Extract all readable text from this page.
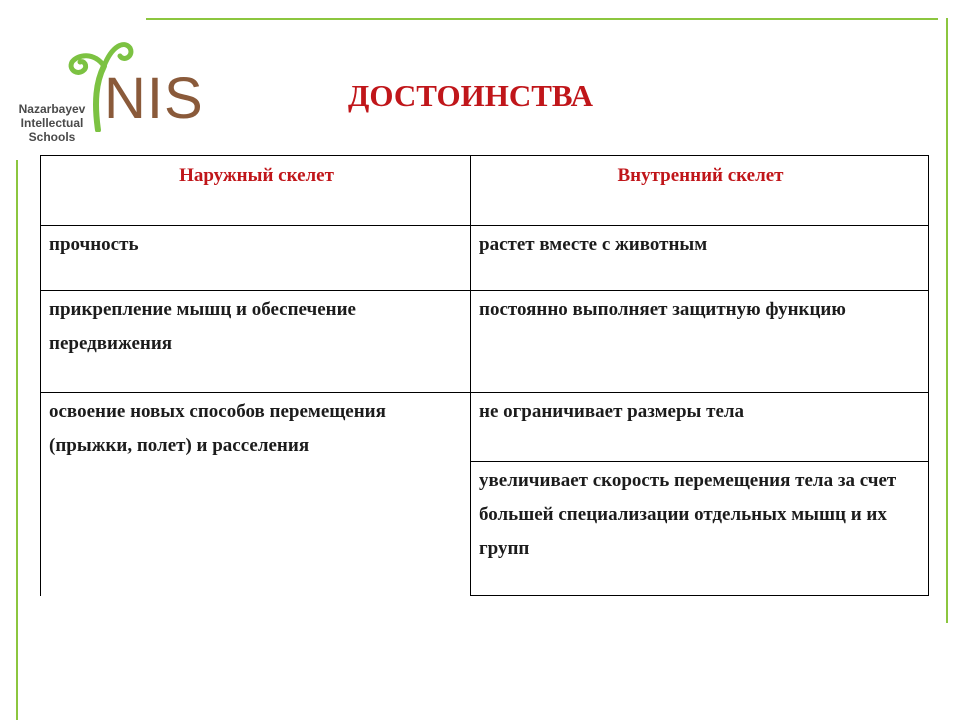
Nazarbayev
Intellectual
Schools
NIS	ДОСТОИНСТВА
Наружный скелет	Внутренний скелет
прочность	растет вместе с животным
прикрепление мышц и обеспечение передвижения	постоянно выполняет защитную функцию
освоение новых способов перемещения (прыжки, полет) и расселения	не ограничивает размеры тела
	увеличивает скорость перемещения тела за счет большей специализации отдельных мышц и их групп
